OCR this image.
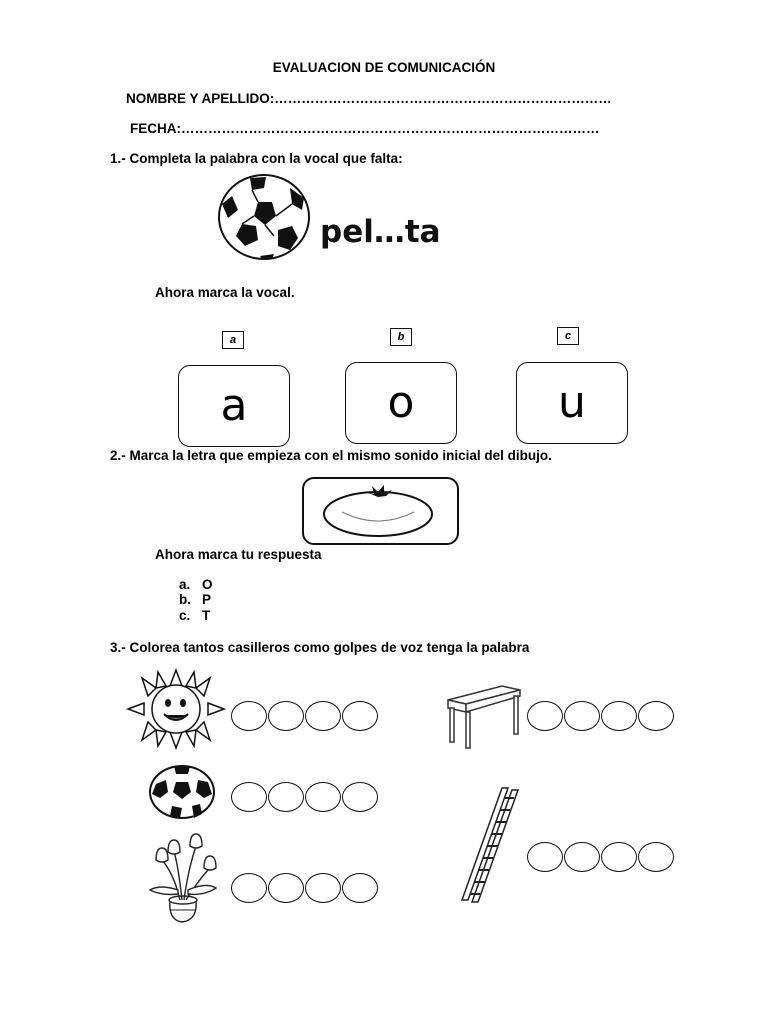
EVALUACION DE COMUNICACIÓN
NOMBRE Y APELLIDO:…………………………………………………………………
FECHA:…………………………………………………………………………………
1.- Completa la palabra con la vocal que falta:
pel…ta
Ahora marca la vocal.
a	b	c
a	o	u
2.- Marca la letra que empieza con el mismo sonido inicial del dibujo.
Ahora marca tu respuesta
a. O
b. P
c. T
3.- Colorea tantos casilleros como golpes de voz tenga la palabra
